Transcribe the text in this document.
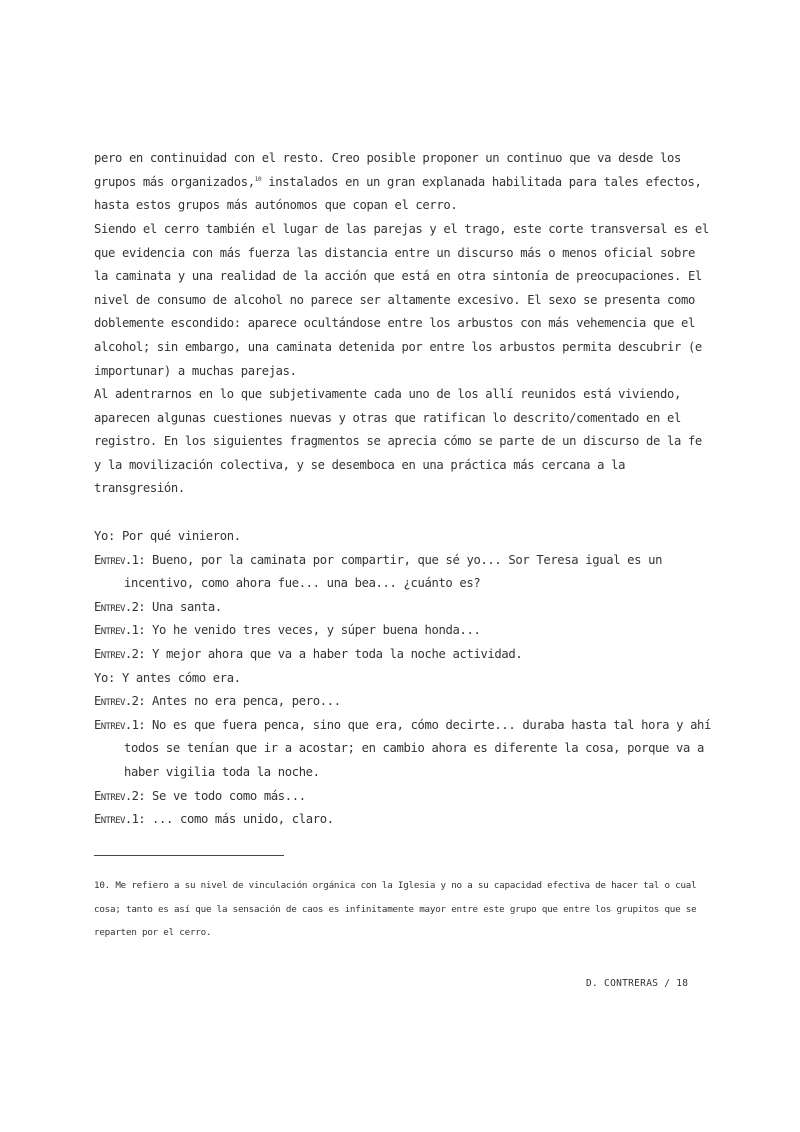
pero en continuidad con el resto. Creo posible proponer un continuo que va desde los grupos más organizados,$^{10}$ instalados en un gran explanada habilitada para tales efectos, hasta estos grupos más autónomos que copan el cerro.
Siendo el cerro también el lugar de las parejas y el trago, este corte transversal es el que evidencia con más fuerza las distancia entre un discurso más o menos oficial sobre la caminata y una realidad de la acción que está en otra sintonía de preocupaciones. El nivel de consumo de alcohol no parece ser altamente excesivo. El sexo se presenta como doblemente escondido: aparece ocultándose entre los arbustos con más vehemencia que el alcohol; sin embargo, una caminata detenida por entre los arbustos permita descubrir (e importunar) a muchas parejas.
Al adentrarnos en lo que subjetivamente cada uno de los allí reunidos está viviendo, aparecen algunas cuestiones nuevas y otras que ratifican lo descrito/comentado en el registro. En los siguientes fragmentos se aprecia cómo se parte de un discurso de la fe y la movilización colectiva, y se desemboca en una práctica más cercana a la transgresión.
Yo: Por qué vinieron.
Entrev.1: Bueno, por la caminata por compartir, que sé yo... Sor Teresa igual es un incentivo, como ahora fue... una bea... ¿cuánto es?
Entrev.2: Una santa.
Entrev.1: Yo he venido tres veces, y súper buena honda...
Entrev.2: Y mejor ahora que va a haber toda la noche actividad.
Yo: Y antes cómo era.
Entrev.2: Antes no era penca, pero...
Entrev.1: No es que fuera penca, sino que era, cómo decirte... duraba hasta tal hora y ahí todos se tenían que ir a acostar; en cambio ahora es diferente la cosa, porque va a haber vigilia toda la noche.
Entrev.2: Se ve todo como más...
Entrev.1: ... como más unido, claro.
10. Me refiero a su nivel de vinculación orgánica con la Iglesia y no a su capacidad efectiva de hacer tal o cual cosa; tanto es así que la sensación de caos es infinitamente mayor entre este grupo que entre los grupitos que se reparten por el cerro.
D. CONTRERAS / 18
